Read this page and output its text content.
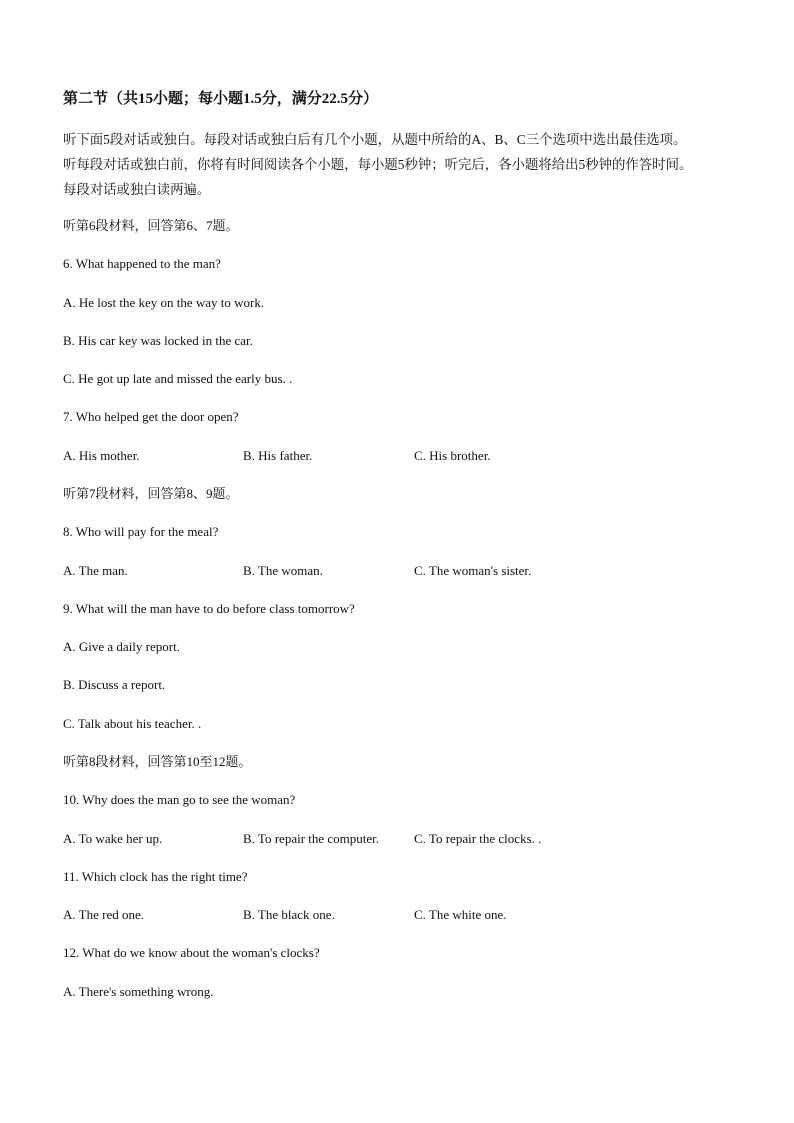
第二节（共15小题；每小题1.5分，满分22.5分）
听下面5段对话或独白。每段对话或独白后有几个小题，从题中所给的A、B、C三个选项中选出最佳选项。
听每段对话或独白前，你将有时间阅读各个小题，每小题5秒钟；听完后，各小题将给出5秒钟的作答时间。
每段对话或独白读两遍。
听第6段材料，回答第6、7题。
6. What happened to the man?
A. He lost the key on the way to work.
B. His car key was locked in the car.
C. He got up late and missed the early bus. .
7. Who helped get the door open?
A. His mother.	B. His father.	C. His brother.
听第7段材料，回答第8、9题。
8. Who will pay for the meal?
A. The man.	B. The woman.	C. The woman's sister.
9. What will the man have to do before class tomorrow?
A. Give a daily report.
B. Discuss a report.
C. Talk about his teacher. .
听第8段材料，回答第10至12题。
10. Why does the man go to see the woman?
A. To wake her up.	B. To repair the computer.	C. To repair the clocks. .
11. Which clock has the right time?
A. The red one.	B. The black one.	C. The white one.
12. What do we know about the woman's clocks?
A. There's something wrong.
